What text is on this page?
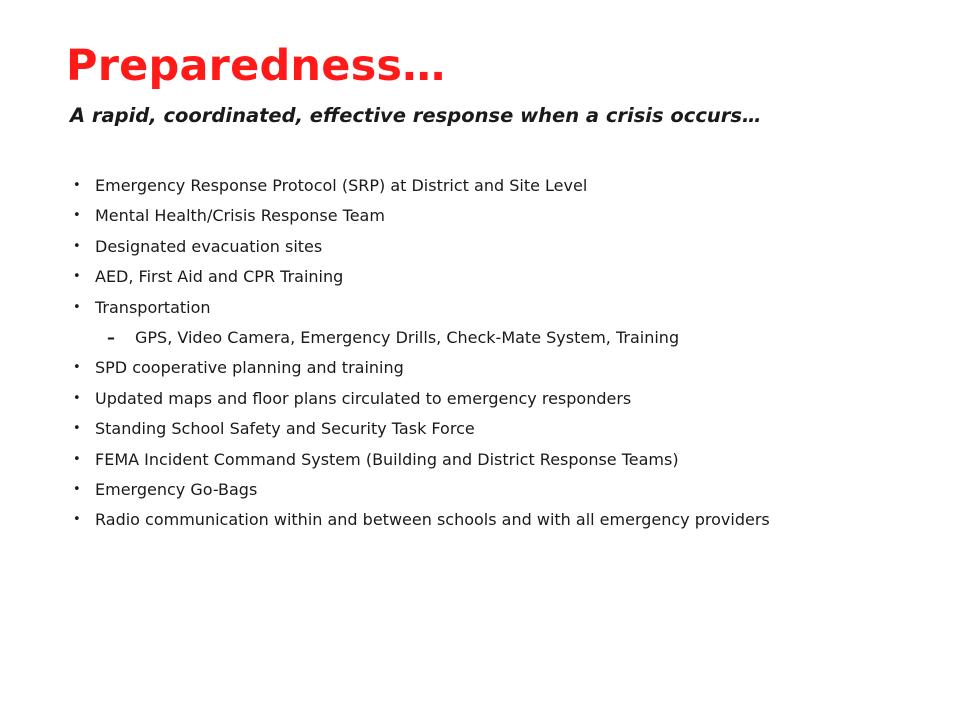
Preparedness…
A rapid, coordinated, effective response when a crisis occurs…
• Emergency Response Protocol (SRP) at District and Site Level
• Mental Health/Crisis Response Team
• Designated evacuation sites
• AED, First Aid and CPR Training
• Transportation
– GPS, Video Camera, Emergency Drills, Check-Mate System, Training
• SPD cooperative planning and training
• Updated maps and floor plans circulated to emergency responders
• Standing School Safety and Security Task Force
• FEMA Incident Command System (Building and District Response Teams)
• Emergency Go-Bags
• Radio communication within and between schools and with all emergency providers
